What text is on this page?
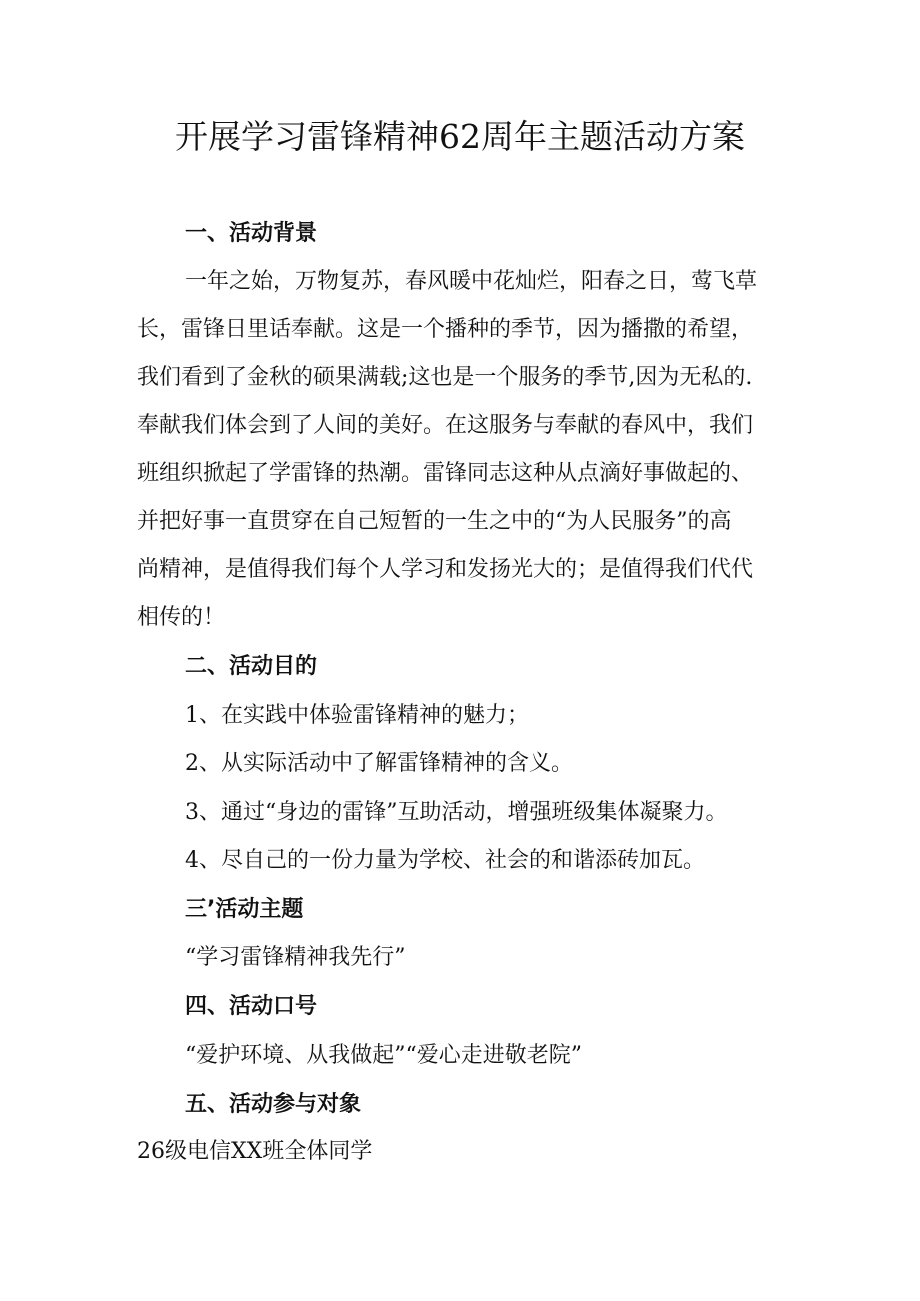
开展学习雷锋精神62周年主题活动方案
一、活动背景
一年之始，万物复苏，春风暖中花灿烂，阳春之日，莺飞草
长，雷锋日里话奉献。这是一个播种的季节，因为播撒的希望，
我们看到了金秋的硕果满载;这也是一个服务的季节,因为无私的.
奉献我们体会到了人间的美好。在这服务与奉献的春风中，我们
班组织掀起了学雷锋的热潮。雷锋同志这种从点滴好事做起的、
并把好事一直贯穿在自己短暂的一生之中的“为人民服务”的高
尚精神，是值得我们每个人学习和发扬光大的；是值得我们代代
相传的！
二、活动目的
1、在实践中体验雷锋精神的魅力；
2、从实际活动中了解雷锋精神的含义。
3、通过“身边的雷锋”互助活动，增强班级集体凝聚力。
4、尽自己的一份力量为学校、社会的和谐添砖加瓦。
三’活动主题
“学习雷锋精神我先行”
四、活动口号
“爱护环境、从我做起”“爱心走进敬老院”
五、活动参与对象
26级电信XX班全体同学
